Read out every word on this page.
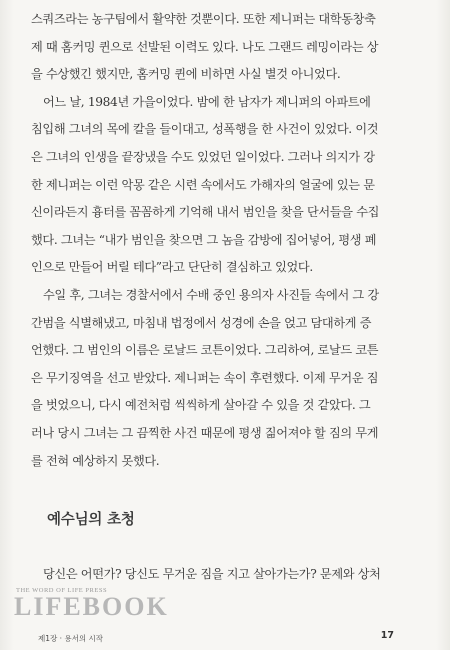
스쿼즈라는 농구팀에서 활약한 것뿐이다. 또한 제니퍼는 대학동창축
제 때 홈커밍 퀸으로 선발된 이력도 있다. 나도 그랜드 레밍이라는 상
을 수상했긴 했지만, 홈커밍 퀸에 비하면 사실 별것 아니었다.

어느 날, 1984년 가을이었다. 밤에 한 남자가 제니퍼의 아파트에
침입해 그녀의 목에 칼을 들이대고, 성폭행을 한 사건이 있었다. 이것
은 그녀의 인생을 끝장냈을 수도 있었던 일이었다. 그러나 의지가 강
한 제니퍼는 이런 악몽 같은 시련 속에서도 가해자의 얼굴에 있는 문
신이라든지 흉터를 꼼꼼하게 기억해 내서 범인을 찾을 단서들을 수집
했다. 그녀는 “내가 범인을 찾으면 그 놈을 감방에 집어넣어, 평생 폐
인으로 만들어 버릴 테다”라고 단단히 결심하고 있었다.

수일 후, 그녀는 경찰서에서 수배 중인 용의자 사진들 속에서 그 강
간범을 식별해냈고, 마침내 법정에서 성경에 손을 얹고 담대하게 증
언했다. 그 범인의 이름은 로날드 코튼이었다. 그리하여, 로날드 코튼
은 무기징역을 선고 받았다. 제니퍼는 속이 후련했다. 이제 무거운 짐
을 벗었으니, 다시 예전처럼 씩씩하게 살아갈 수 있을 것 같았다. 그
러나 당시 그녀는 그 끔찍한 사건 때문에 평생 짊어져야 할 짐의 무게
를 전혀 예상하지 못했다.

예수님의 초청
당신은 어떤가? 당신도 무거운 짐을 지고 살아가는가? 문제와 상처
THE WORD OF LIFE PRESS
LIFEBOOK
제1장 · 용서의 시작	17
